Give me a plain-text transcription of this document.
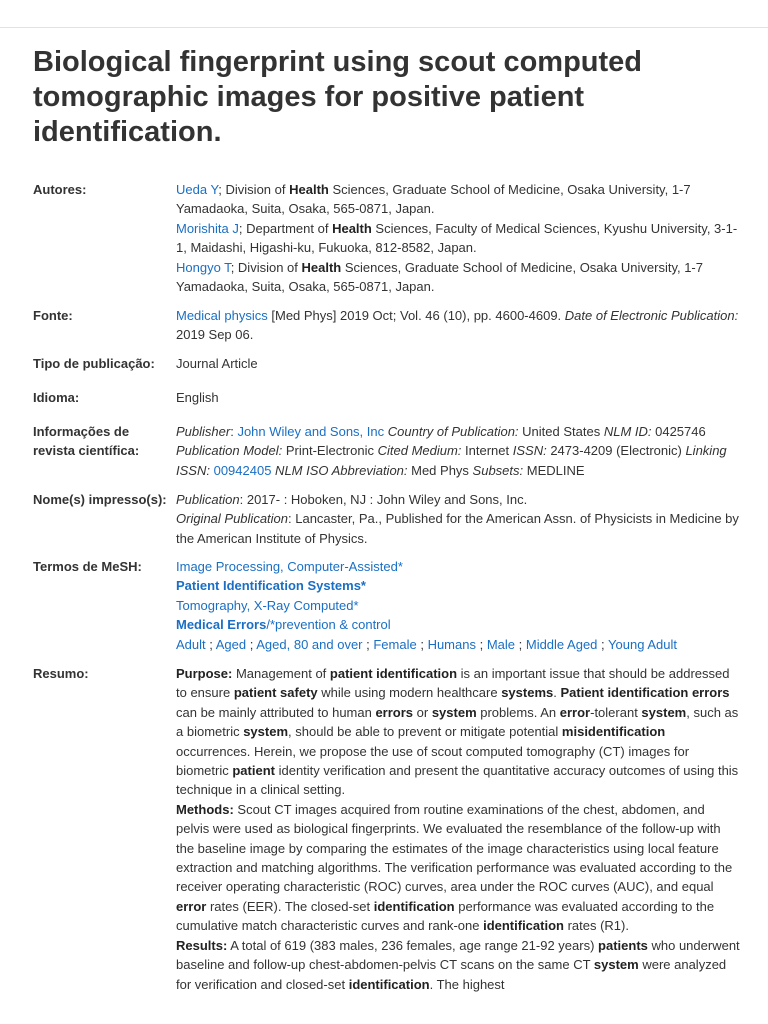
Biological fingerprint using scout computed tomographic images for positive patient identification.
Autores:	Ueda Y; Division of Health Sciences, Graduate School of Medicine, Osaka University, 1-7 Yamadaoka, Suita, Osaka, 565-0871, Japan.
Morishita J; Department of Health Sciences, Faculty of Medical Sciences, Kyushu University, 3-1-1, Maidashi, Higashi-ku, Fukuoka, 812-8582, Japan.
Hongyo T; Division of Health Sciences, Graduate School of Medicine, Osaka University, 1-7 Yamadaoka, Suita, Osaka, 565-0871, Japan.
Fonte:	Medical physics [Med Phys] 2019 Oct; Vol. 46 (10), pp. 4600-4609. Date of Electronic Publication: 2019 Sep 06.
Tipo de publicação:	Journal Article
Idioma:	English
Informações de revista científica:
Publisher: John Wiley and Sons, Inc Country of Publication: United States NLM ID: 0425746 Publication Model: Print-Electronic Cited Medium: Internet ISSN: 2473-4209 (Electronic) Linking ISSN: 00942405 NLM ISO Abbreviation: Med Phys Subsets: MEDLINE
Nome(s) impresso(s): Publication: 2017- : Hoboken, NJ : John Wiley and Sons, Inc.
Original Publication: Lancaster, Pa., Published for the American Assn. of Physicists in Medicine by the American Institute of Physics.
Termos de MeSH:	Image Processing, Computer-Assisted*
Patient Identification Systems*
Tomography, X-Ray Computed*
Medical Errors/*prevention & control
Adult ; Aged ; Aged, 80 and over ; Female ; Humans ; Male ; Middle Aged ; Young Adult
Resumo:	Purpose: Management of patient identification is an important issue that should be addressed to ensure patient safety while using modern healthcare systems. Patient identification errors can be mainly attributed to human errors or system problems. An error-tolerant system, such as a biometric system, should be able to prevent or mitigate potential misidentification occurrences. Herein, we propose the use of scout computed tomography (CT) images for biometric patient identity verification and present the quantitative accuracy outcomes of using this technique in a clinical setting.
Methods: Scout CT images acquired from routine examinations of the chest, abdomen, and pelvis were used as biological fingerprints. We evaluated the resemblance of the follow-up with the baseline image by comparing the estimates of the image characteristics using local feature extraction and matching algorithms. The verification performance was evaluated according to the receiver operating characteristic (ROC) curves, area under the ROC curves (AUC), and equal error rates (EER). The closed-set identification performance was evaluated according to the cumulative match characteristic curves and rank-one identification rates (R1).
Results: A total of 619 (383 males, 236 females, age range 21-92 years) patients who underwent baseline and follow-up chest-abdomen-pelvis CT scans on the same CT system were analyzed for verification and closed-set identification. The highest
